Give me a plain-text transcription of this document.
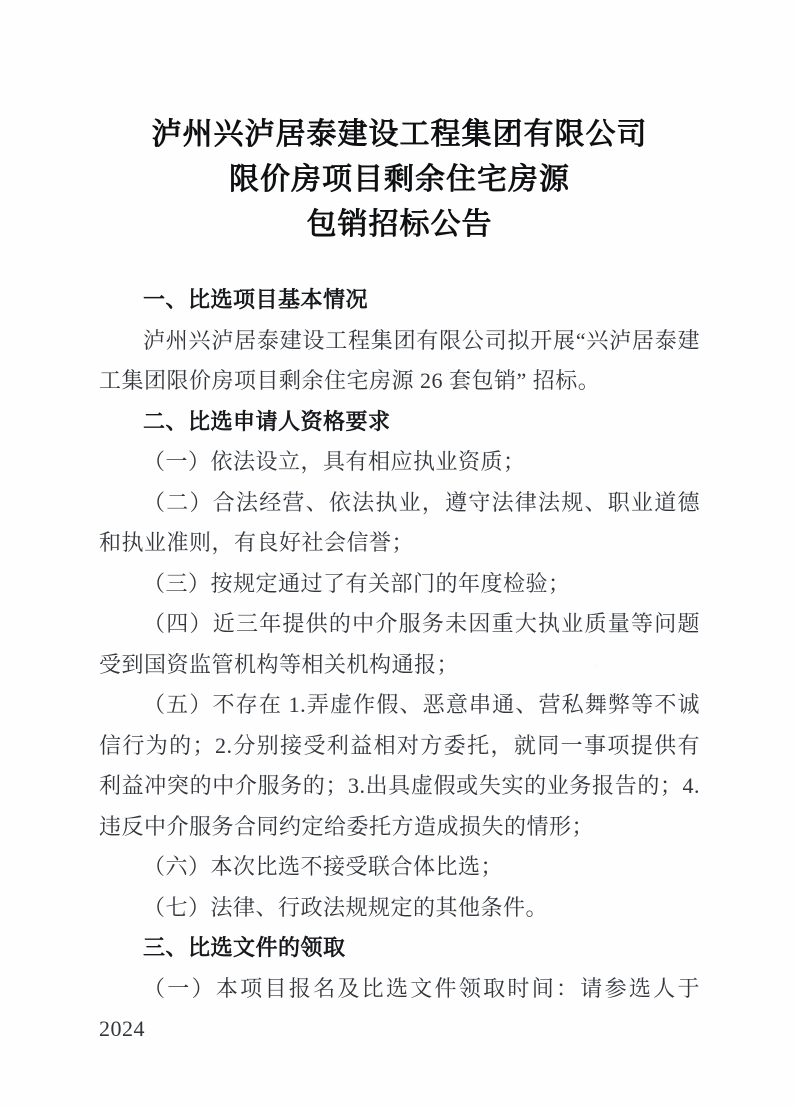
泸州兴泸居泰建设工程集团有限公司
限价房项目剩余住宅房源
包销招标公告
一、比选项目基本情况

泸州兴泸居泰建设工程集团有限公司拟开展“兴泸居泰建工集团限价房项目剩余住宅房源 26 套包销” 招标。

二、比选申请人资格要求

（一）依法设立，具有相应执业资质；

（二）合法经营、依法执业，遵守法律法规、职业道德和执业准则，有良好社会信誉；

（三）按规定通过了有关部门的年度检验；

（四）近三年提供的中介服务未因重大执业质量等问题受到国资监管机构等相关机构通报；

（五）不存在 1.弄虚作假、恶意串通、营私舞弊等不诚信行为的；2.分别接受利益相对方委托，就同一事项提供有利益冲突的中介服务的；3.出具虚假或失实的业务报告的；4.违反中介服务合同约定给委托方造成损失的情形；

（六）本次比选不接受联合体比选；

（七）法律、行政法规规定的其他条件。

三、比选文件的领取

（一）本项目报名及比选文件领取时间：请参选人于 2024
